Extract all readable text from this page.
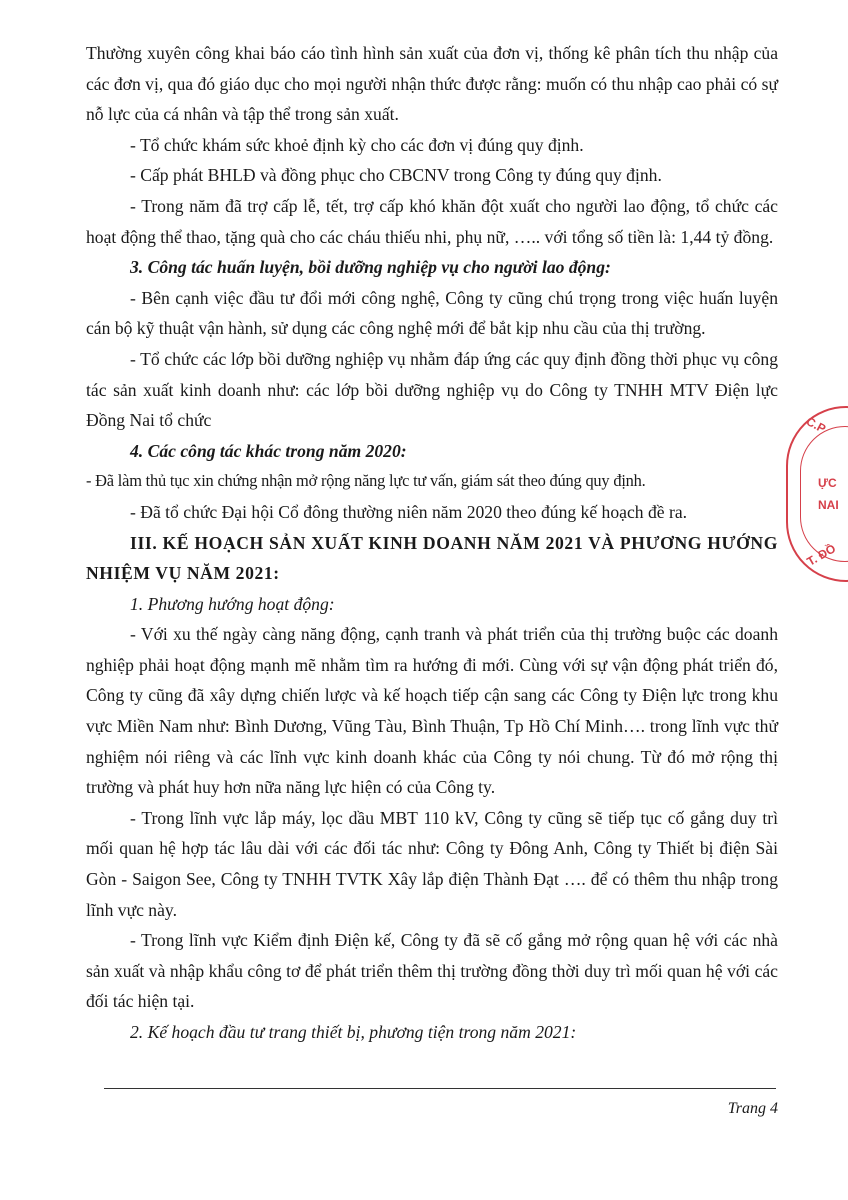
Thường xuyên công khai báo cáo tình hình sản xuất của đơn vị, thống kê phân tích thu nhập của các đơn vị, qua đó giáo dục cho mọi người nhận thức được rằng: muốn có thu nhập cao phải có sự nỗ lực của cá nhân và tập thể trong sản xuất.

- Tổ chức khám sức khoẻ định kỳ cho các đơn vị đúng quy định.

- Cấp phát BHLĐ và đồng phục cho CBCNV trong Công ty đúng quy định.

- Trong năm đã trợ cấp lễ, tết, trợ cấp khó khăn đột xuất cho người lao động, tổ chức các hoạt động thể thao, tặng quà cho các cháu thiếu nhi, phụ nữ, ….. với tổng số tiền là: 1,44 tỷ đồng.

3. Công tác huấn luyện, bồi dưỡng nghiệp vụ cho người lao động:

- Bên cạnh việc đầu tư đổi mới công nghệ, Công ty cũng chú trọng trong việc huấn luyện cán bộ kỹ thuật vận hành, sử dụng các công nghệ mới để bắt kịp nhu cầu của thị trường.

- Tổ chức các lớp bồi dưỡng nghiệp vụ nhằm đáp ứng các quy định đồng thời phục vụ công tác sản xuất kinh doanh như: các lớp bồi dưỡng nghiệp vụ do Công ty TNHH MTV Điện lực Đồng Nai tổ chức

4. Các công tác khác trong năm 2020:

- Đã làm thủ tục xin chứng nhận mở rộng năng lực tư vấn, giám sát theo đúng quy định.

- Đã tổ chức Đại hội Cổ đông thường niên năm 2020 theo đúng kế hoạch đề ra.

III. KẾ HOẠCH SẢN XUẤT KINH DOANH NĂM 2021 VÀ PHƯƠNG HƯỚNG NHIỆM VỤ NĂM 2021:

1. Phương hướng hoạt động:

- Với xu thế ngày càng năng động, cạnh tranh và phát triển của thị trường buộc các doanh nghiệp phải hoạt động mạnh mẽ nhằm tìm ra hướng đi mới. Cùng với sự vận động phát triển đó, Công ty cũng đã xây dựng chiến lược và kế hoạch tiếp cận sang các Công ty Điện lực trong khu vực Miền Nam như: Bình Dương, Vũng Tàu, Bình Thuận, Tp Hồ Chí Minh…. trong lĩnh vực thử nghiệm nói riêng và các lĩnh vực kinh doanh khác của Công ty nói chung. Từ đó mở rộng thị trường và phát huy hơn nữa năng lực hiện có của Công ty.

- Trong lĩnh vực lắp máy, lọc dầu MBT 110 kV, Công ty cũng sẽ tiếp tục cố gắng duy trì mối quan hệ hợp tác lâu dài với các đối tác như: Công ty Đông Anh, Công ty Thiết bị điện Sài Gòn - Saigon See, Công ty TNHH TVTK Xây lắp điện Thành Đạt …. để có thêm thu nhập trong lĩnh vực này.

- Trong lĩnh vực Kiểm định Điện kế, Công ty đã sẽ cố gắng mở rộng quan hệ với các nhà sản xuất và nhập khẩu công tơ để phát triển thêm thị trường đồng thời duy trì mối quan hệ với các đối tác hiện tại.

2. Kế hoạch đầu tư trang thiết bị, phương tiện trong năm 2021:

C.P
ỰC
NAI
T. ĐỒ
Trang 4
